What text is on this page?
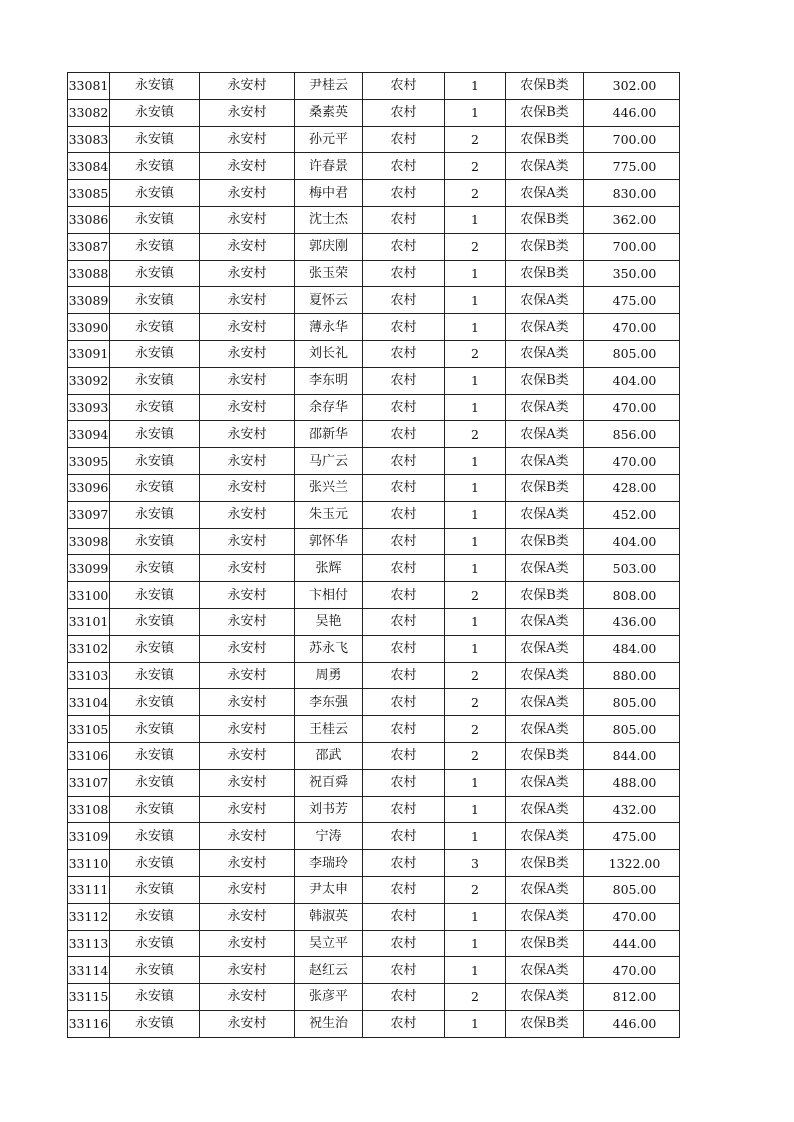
33081	永安镇	永安村	尹桂云	农村	1	农保B类	302.00
33082	永安镇	永安村	桑素英	农村	1	农保B类	446.00
33083	永安镇	永安村	孙元平	农村	2	农保B类	700.00
33084	永安镇	永安村	许春景	农村	2	农保A类	775.00
33085	永安镇	永安村	梅中君	农村	2	农保A类	830.00
33086	永安镇	永安村	沈士杰	农村	1	农保B类	362.00
33087	永安镇	永安村	郭庆刚	农村	2	农保B类	700.00
33088	永安镇	永安村	张玉荣	农村	1	农保B类	350.00
33089	永安镇	永安村	夏怀云	农村	1	农保A类	475.00
33090	永安镇	永安村	薄永华	农村	1	农保A类	470.00
33091	永安镇	永安村	刘长礼	农村	2	农保A类	805.00
33092	永安镇	永安村	李东明	农村	1	农保B类	404.00
33093	永安镇	永安村	余存华	农村	1	农保A类	470.00
33094	永安镇	永安村	邵新华	农村	2	农保A类	856.00
33095	永安镇	永安村	马广云	农村	1	农保A类	470.00
33096	永安镇	永安村	张兴兰	农村	1	农保B类	428.00
33097	永安镇	永安村	朱玉元	农村	1	农保A类	452.00
33098	永安镇	永安村	郭怀华	农村	1	农保B类	404.00
33099	永安镇	永安村	张辉	农村	1	农保A类	503.00
33100	永安镇	永安村	卞相付	农村	2	农保B类	808.00
33101	永安镇	永安村	吴艳	农村	1	农保A类	436.00
33102	永安镇	永安村	苏永飞	农村	1	农保A类	484.00
33103	永安镇	永安村	周勇	农村	2	农保A类	880.00
33104	永安镇	永安村	李东强	农村	2	农保A类	805.00
33105	永安镇	永安村	王桂云	农村	2	农保A类	805.00
33106	永安镇	永安村	邵武	农村	2	农保B类	844.00
33107	永安镇	永安村	祝百舜	农村	1	农保A类	488.00
33108	永安镇	永安村	刘书芳	农村	1	农保A类	432.00
33109	永安镇	永安村	宁涛	农村	1	农保A类	475.00
33110	永安镇	永安村	李瑞玲	农村	3	农保B类	1322.00
33111	永安镇	永安村	尹太申	农村	2	农保A类	805.00
33112	永安镇	永安村	韩淑英	农村	1	农保A类	470.00
33113	永安镇	永安村	吴立平	农村	1	农保B类	444.00
33114	永安镇	永安村	赵红云	农村	1	农保A类	470.00
33115	永安镇	永安村	张彦平	农村	2	农保A类	812.00
33116	永安镇	永安村	祝生治	农村	1	农保B类	446.00
